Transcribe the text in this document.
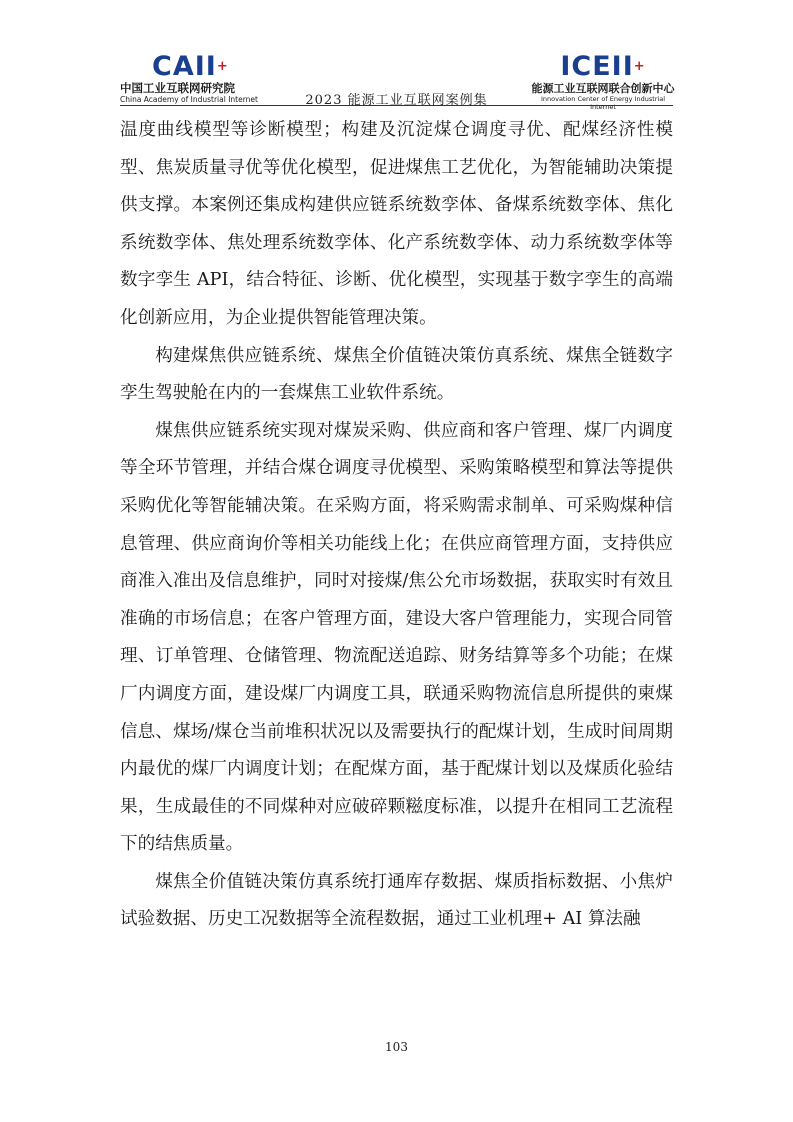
CAII+
中国工业互联网研究院
China Academy of Industrial Internet	2023 能源工业互联网案例集
ICEII+
能源工业互联网联合创新中心
Innovation Center of Energy Industrial Internet

温度曲线模型等诊断模型；构建及沉淀煤仓调度寻优、配煤经济性模型、焦炭质量寻优等优化模型，促进煤焦工艺优化，为智能辅助决策提供支撑。本案例还集成构建供应链系统数孪体、备煤系统数孪体、焦化系统数孪体、焦处理系统数孪体、化产系统数孪体、动力系统数孪体等数字孪生 API，结合特征、诊断、优化模型，实现基于数字孪生的高端化创新应用，为企业提供智能管理决策。

构建煤焦供应链系统、煤焦全价值链决策仿真系统、煤焦全链数字孪生驾驶舱在内的一套煤焦工业软件系统。

煤焦供应链系统实现对煤炭采购、供应商和客户管理、煤厂内调度等全环节管理，并结合煤仓调度寻优模型、采购策略模型和算法等提供采购优化等智能辅决策。在采购方面，将采购需求制单、可采购煤种信息管理、供应商询价等相关功能线上化；在供应商管理方面，支持供应商准入准出及信息维护，同时对接煤/焦公允市场数据，获取实时有效且准确的市场信息；在客户管理方面，建设大客户管理能力，实现合同管理、订单管理、仓储管理、物流配送追踪、财务结算等多个功能；在煤厂内调度方面，建设煤厂内调度工具，联通采购物流信息所提供的柬煤信息、煤场/煤仓当前堆积状况以及需要执行的配煤计划，生成时间周期内最优的煤厂内调度计划；在配煤方面，基于配煤计划以及煤质化验结果，生成最佳的不同煤种对应破碎颗糍度标准，以提升在相同工艺流程下的结焦质量。

煤焦全价值链决策仿真系统打通库存数据、煤质指标数据、小焦炉试验数据、历史工况数据等全流程数据，通过工业机理+ AI 算法融

103
